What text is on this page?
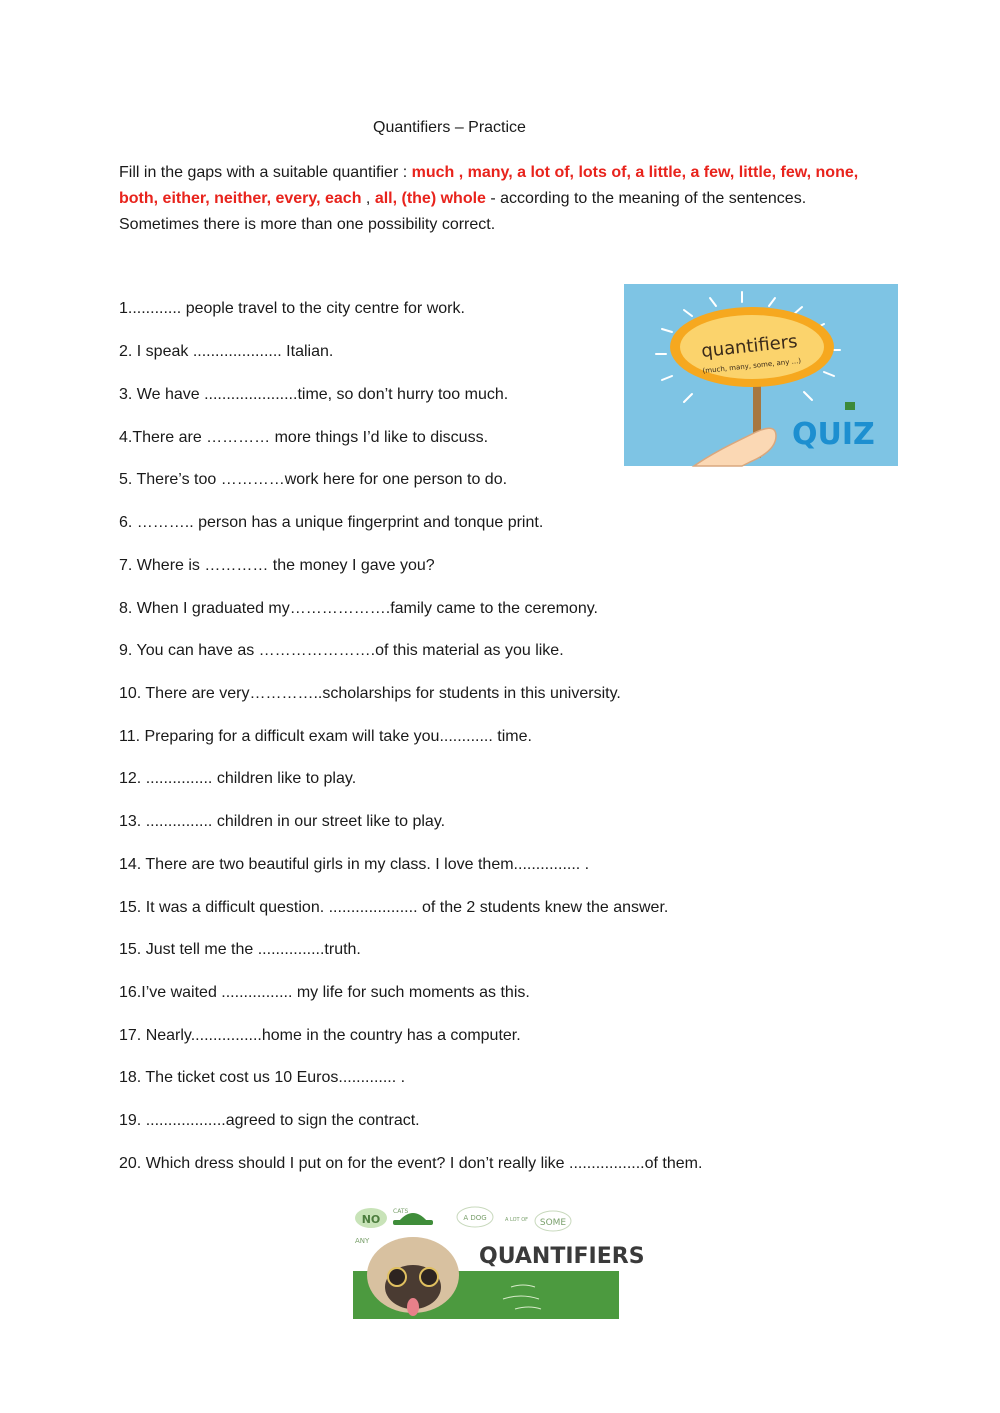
Quantifiers – Practice
Fill in the gaps with a suitable quantifier : much , many, a lot of, lots of, a little, a few, little, few, none, both, either, neither, every, each , all, (the) whole - according to the meaning of the sentences. Sometimes there is more than one possibility correct.
1............ people travel to the city centre for work.
2. I speak .................... Italian.
3. We have .....................time, so don’t hurry too much.
4.There are ………… more things I’d like to discuss.
5. There’s too …………work here for one person to do.
6. ……….. person has a unique fingerprint and tonque print.
7. Where is ………… the money I gave you?
8. When I graduated my……………….family came to the ceremony.
9. You can have as ………………….of this material as you like.
10. There are very…………..scholarships for students in this university.
11. Preparing for a difficult exam will take you............ time.
12. ............... children like to play.
13. ............... children in our street like to play.
14. There are two beautiful girls in my class. I love them............... .
15. It was a difficult question. .................... of the 2 students knew the answer.
15. Just tell me the ...............truth.
16.I’ve waited ................ my life for such moments as this.
17. Nearly................home in the country has a computer.
18. The ticket cost us 10 Euros............. .
19. ..................agreed to sign the contract.
20. Which dress should I put on for the event? I don’t really like .................of them.
quantifiers
(much, many, some, any ...)
QUIZ
NO
CATS
ANY
A DOG	A LOT OF SOME
QUANTIFIERS
